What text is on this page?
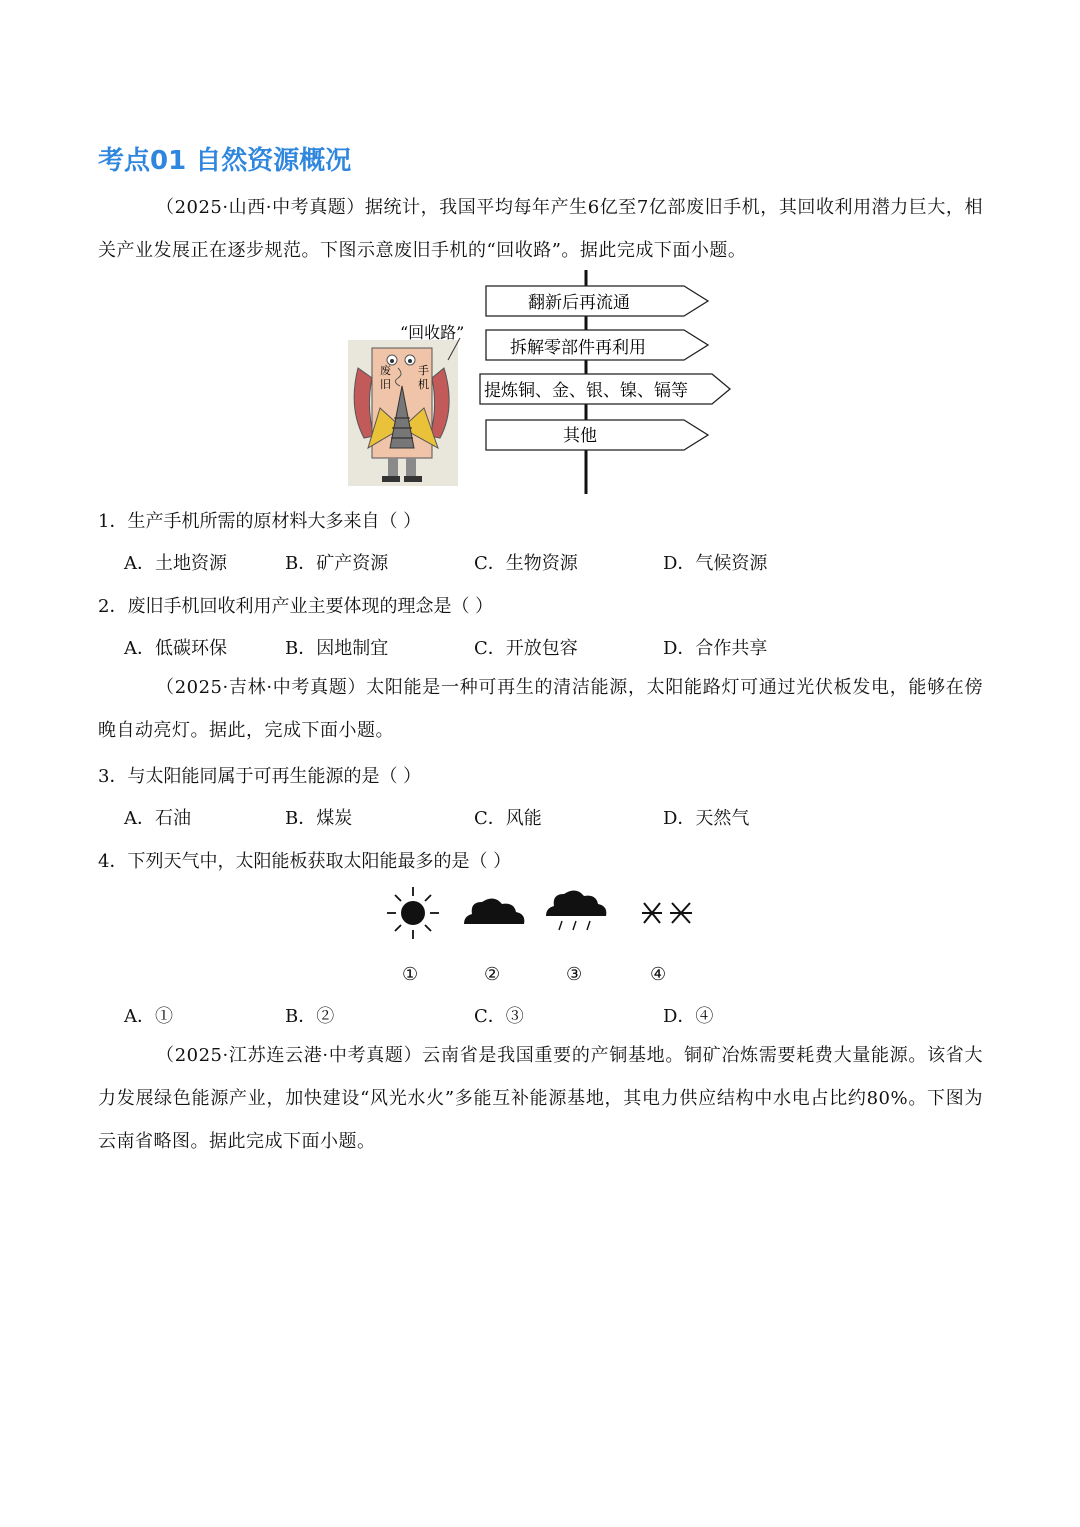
考点01 自然资源概况
（2025·山西·中考真题）据统计，我国平均每年产生6亿至7亿部废旧手机，其回收利用潜力巨大，相关产业发展正在逐步规范。下图示意废旧手机的“回收路”。据此完成下面小题。
废
旧
手
机
“回收路”
翻新后再流通
拆解零部件再利用
提炼铜、金、银、镍、镉等
其他
1．生产手机所需的原材料大多来自（ ）
A．土地资源	B．矿产资源	C．生物资源	D．气候资源
2．废旧手机回收利用产业主要体现的理念是（ ）
A．低碳环保	B．因地制宜	C．开放包容	D．合作共享
（2025·吉林·中考真题）太阳能是一种可再生的清洁能源，太阳能路灯可通过光伏板发电，能够在傍晚自动亮灯。据此，完成下面小题。
3．与太阳能同属于可再生能源的是（ ）
A．石油	B．煤炭	C．风能	D．天然气
4．下列天气中，太阳能板获取太阳能最多的是（ ）
①	②	③	④
A．①	B．②	C．③	D．④
（2025·江苏连云港·中考真题）云南省是我国重要的产铜基地。铜矿冶炼需要耗费大量能源。该省大力发展绿色能源产业，加快建设“风光水火”多能互补能源基地，其电力供应结构中水电占比约80%。下图为云南省略图。据此完成下面小题。
